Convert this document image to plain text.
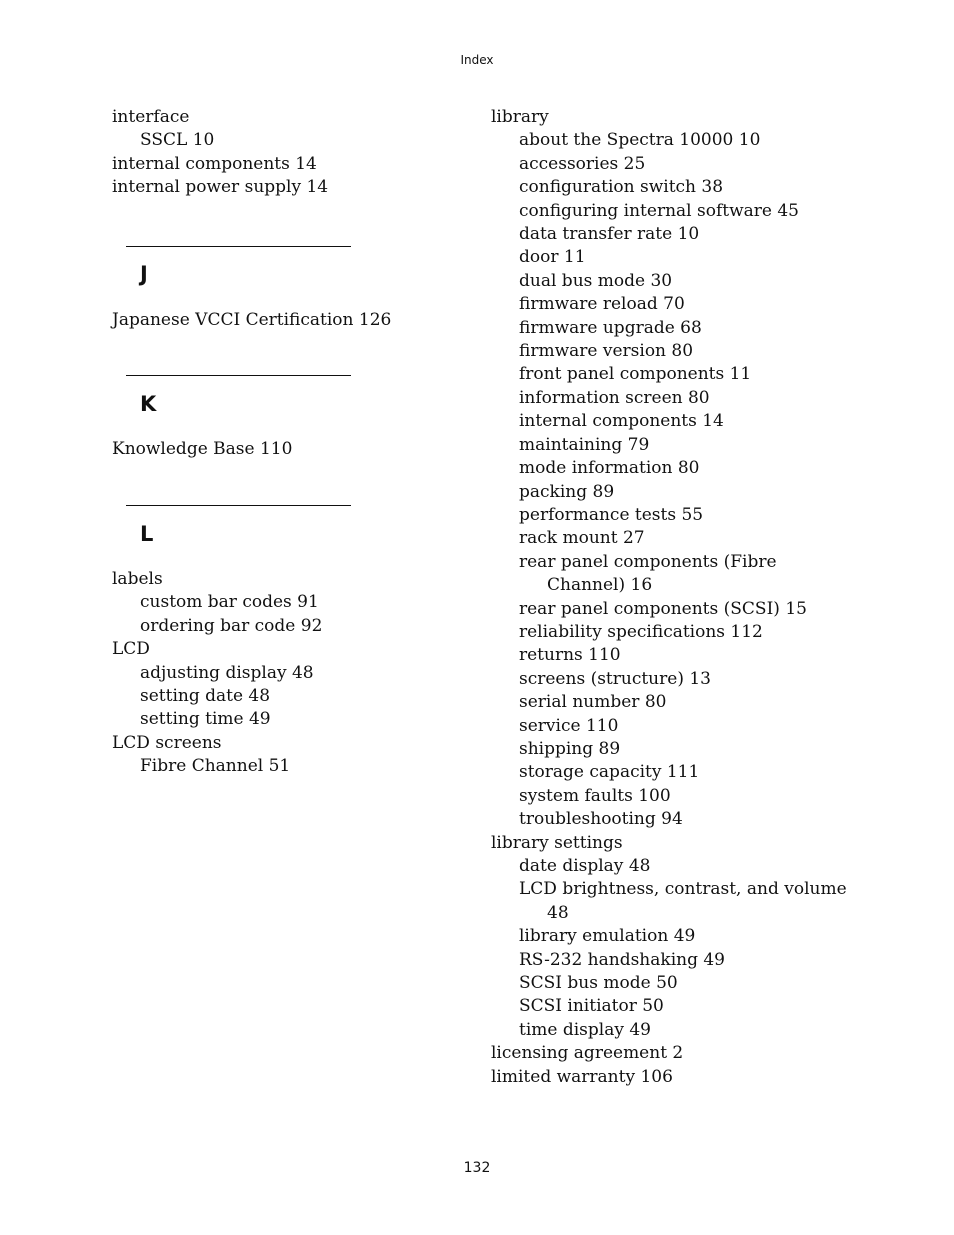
Index

interface

SSCL 10

internal components 14

internal power supply 14

J

Japanese VCCI Certification 126

K

Knowledge Base 110

L

labels

custom bar codes 91

ordering bar code 92

LCD

adjusting display 48

setting date 48

setting time 49

LCD screens

Fibre Channel 51

library

about the Spectra 10000 10

accessories 25

configuration switch 38

configuring internal software 45

data transfer rate 10

door 11

dual bus mode 30

firmware reload 70

firmware upgrade 68

firmware version 80

front panel components 11

information screen 80

internal components 14

maintaining 79

mode information 80

packing 89

performance tests 55

rack mount 27

rear panel components (Fibre Channel) 16

rear panel components (SCSI) 15

reliability specifications 112

returns 110

screens (structure) 13

serial number 80

service 110

shipping 89

storage capacity 111

system faults 100

troubleshooting 94

library settings

date display 48

LCD brightness, contrast, and volume 48

library emulation 49

RS-232 handshaking 49

SCSI bus mode 50

SCSI initiator 50

time display 49

licensing agreement 2

limited warranty 106

132
